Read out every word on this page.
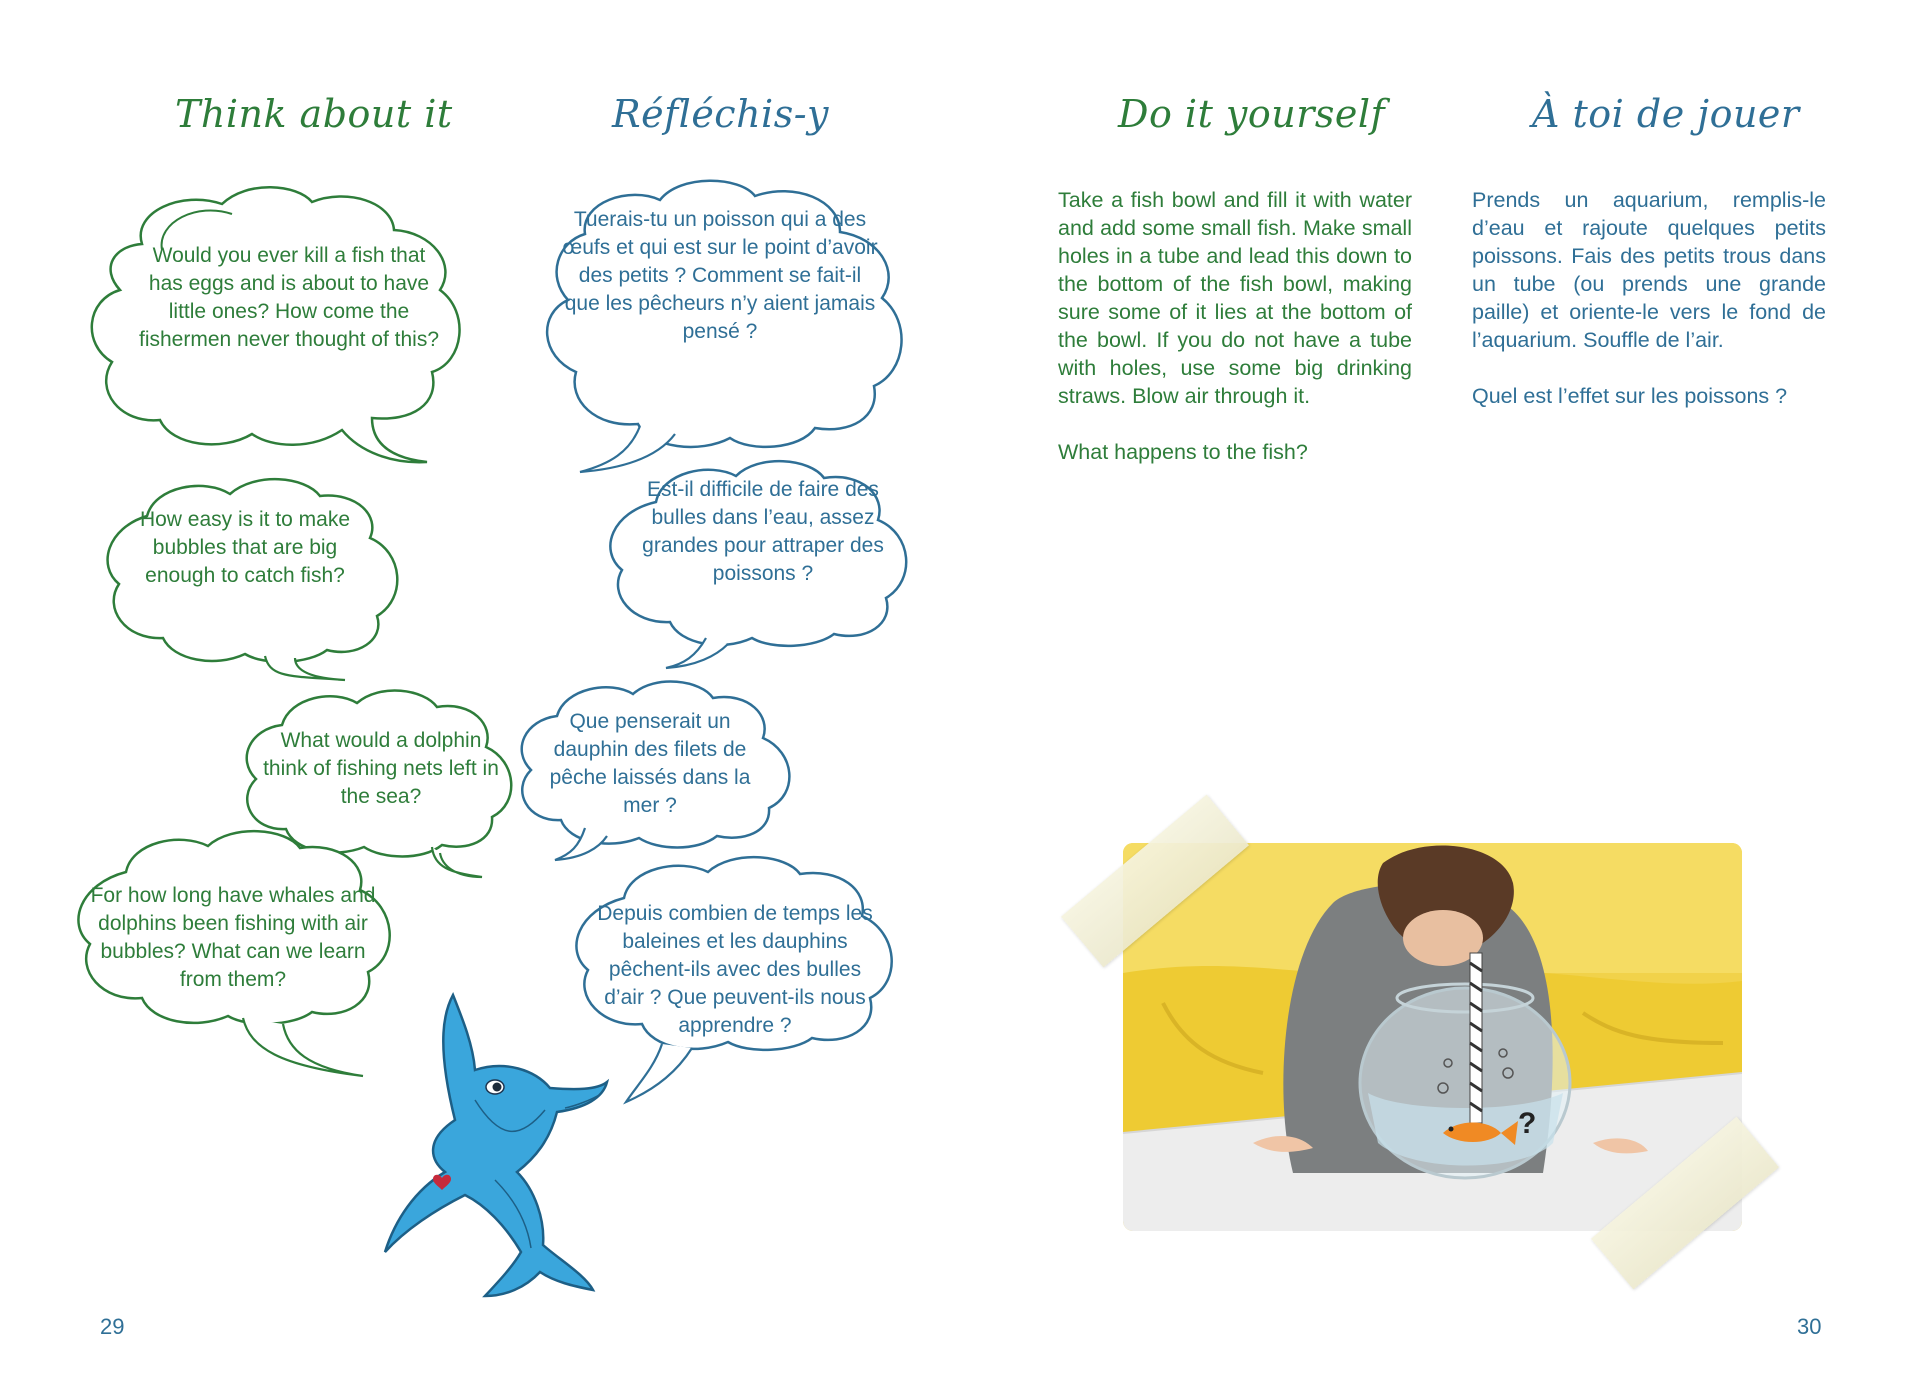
Think about it	Réfléchis-y	Do it yourself	À toi de jouer
Would you ever kill a fish that has eggs and is about to have little ones? How come the fishermen never thought of this?
How easy is it to make bubbles that are big enough to catch fish?
What would a dolphin think of fishing nets left in the sea?
For how long have whales and dolphins been fishing with air bubbles? What can we learn from them?
Tuerais-tu un poisson qui a des œufs et qui est sur le point d’avoir des petits ? Comment se fait-il que les pêcheurs n’y aient jamais pensé ?
Est-il difficile de faire des bulles dans l’eau, assez grandes pour attraper des poissons ?
Que penserait un dauphin des filets de pêche laissés dans la mer ?
Depuis combien de temps les baleines et les dauphins pêchent-ils avec des bulles d’air ? Que peuvent-ils nous apprendre ?

Take a fish bowl and fill it with water and add some small fish. Make small holes in a tube and lead this down to the bottom of the fish bowl, making sure some of it lies at the bottom of the bowl. If you do not have a tube with holes, use some big drinking straws. Blow air through it.

What happens to the fish?

Prends un aquarium, remplis-le d’eau et rajoute quelques petits poissons. Fais des petits trous dans un tube (ou prends une grande paille) et oriente-le vers le fond de l’aquarium. Souffle de l’air.

Quel est l’effet sur les poissons ?

?
29	30
